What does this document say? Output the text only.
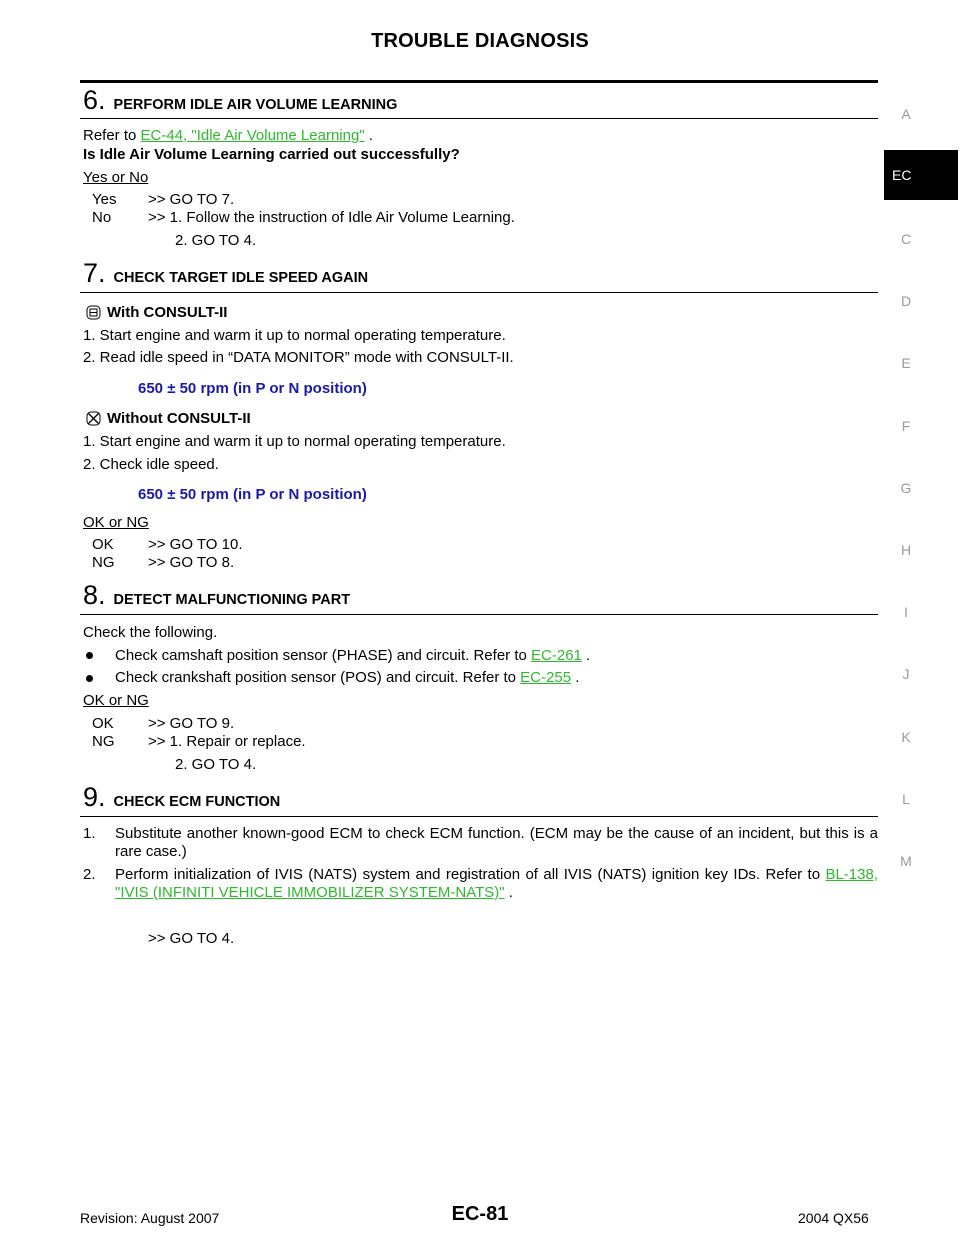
TROUBLE DIAGNOSIS
A
EC
C
D
E
F
G
H
I
J
K
L
M
6. PERFORM IDLE AIR VOLUME LEARNING
Refer to EC-44, "Idle Air Volume Learning" .
Is Idle Air Volume Learning carried out successfully?
Yes or No
Yes >> GO TO 7.
No >> 1. Follow the instruction of Idle Air Volume Learning.
2. GO TO 4.
7. CHECK TARGET IDLE SPEED AGAIN
With CONSULT-II
1. Start engine and warm it up to normal operating temperature.
2. Read idle speed in “DATA MONITOR” mode with CONSULT-II.
650 ± 50 rpm (in P or N position)
Without CONSULT-II
1. Start engine and warm it up to normal operating temperature.
2. Check idle speed.
650 ± 50 rpm (in P or N position)
OK or NG
OK >> GO TO 10.
NG >> GO TO 8.
8. DETECT MALFUNCTIONING PART
Check the following.
Check camshaft position sensor (PHASE) and circuit. Refer to EC-261 .
Check crankshaft position sensor (POS) and circuit. Refer to EC-255 .
OK or NG
OK >> GO TO 9.
NG >> 1. Repair or replace.
2. GO TO 4.
9. CHECK ECM FUNCTION
1. Substitute another known-good ECM to check ECM function. (ECM may be the cause of an incident, but this is a rare case.)
2. Perform initialization of IVIS (NATS) system and registration of all IVIS (NATS) ignition key IDs. Refer to BL-138, "IVIS (INFINITI VEHICLE IMMOBILIZER SYSTEM-NATS)" .
>> GO TO 4.
Revision: August 2007	EC-81	2004 QX56
